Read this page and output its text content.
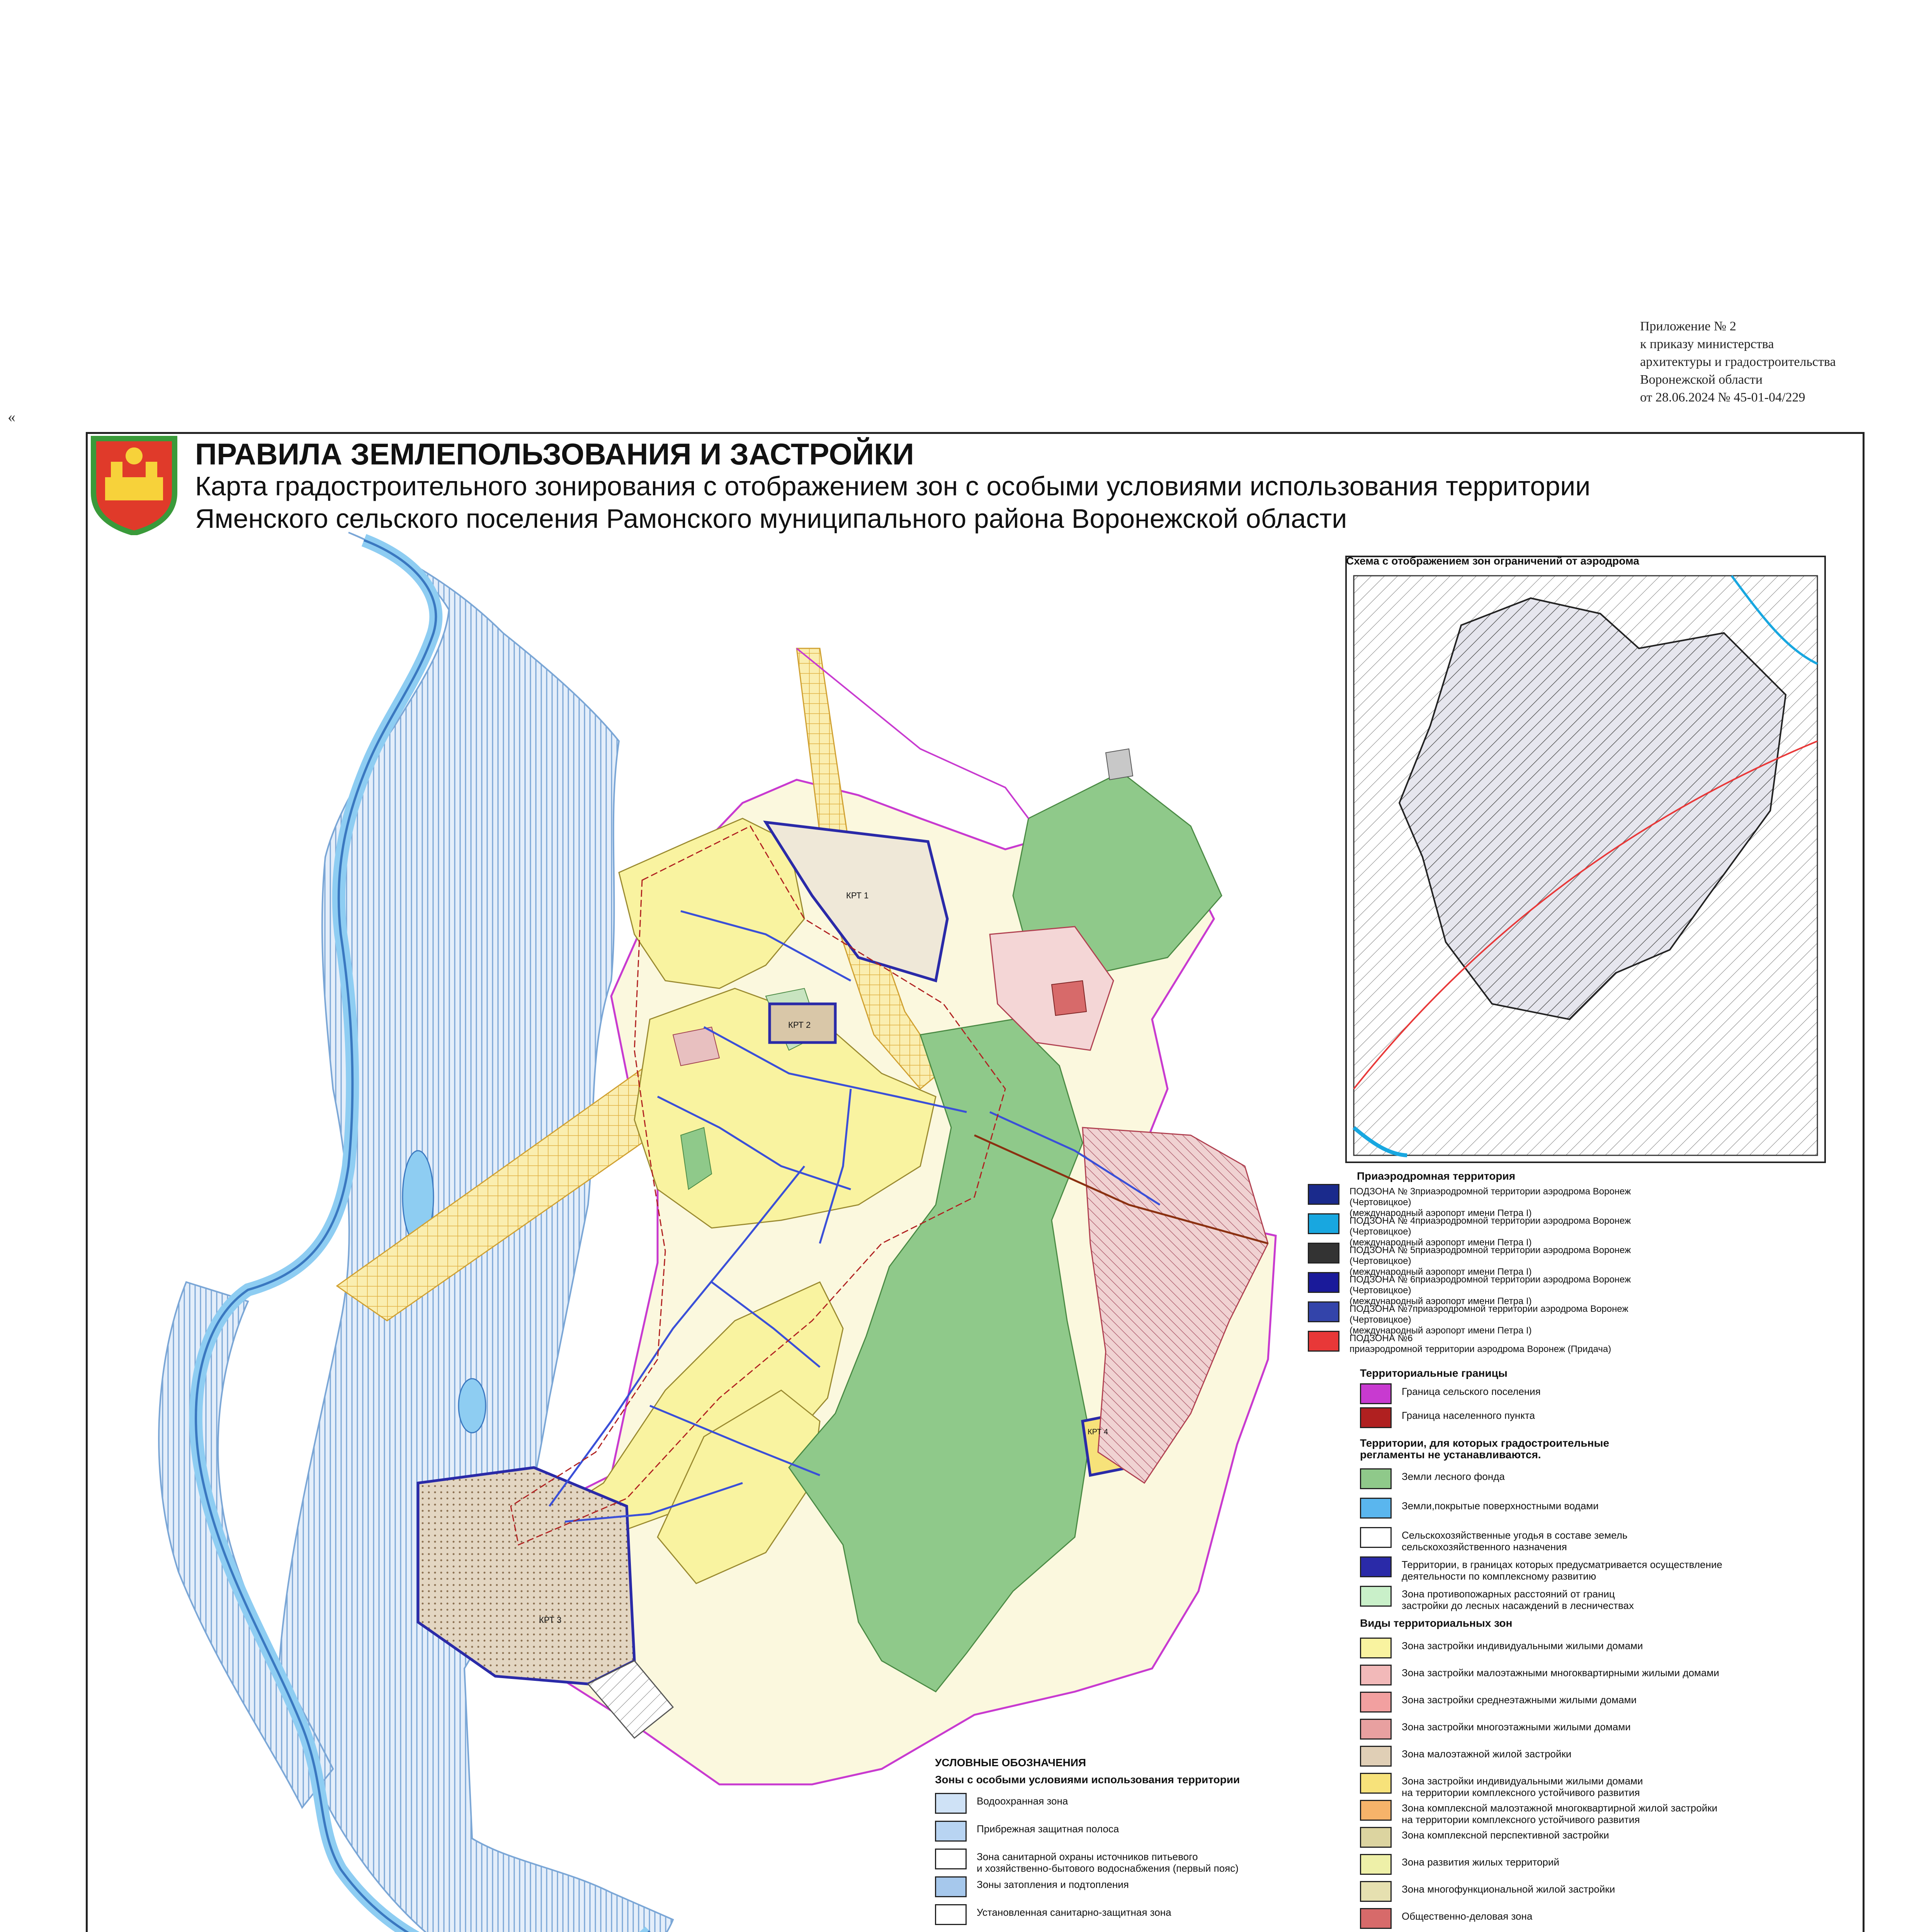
Приложение № 2
к приказу министерства
архитектуры и градостроительства
Воронежской области
от 28.06.2024 № 45-01-04/229
«
ПРАВИЛА ЗЕМЛЕПОЛЬЗОВАНИЯ И ЗАСТРОЙКИ
Карта градостроительного зонирования с отображением зон с особыми условиями использования территории
Яменского сельского поселения Рамонского муниципального района Воронежской области
КРТ 1
КРТ 2
КРТ 3
КРТ 4
Схема с отображением зон ограничений от аэродрома
Приаэродромная территория
ПОДЗОНА № 3приаэродромной территории аэродрома Воронеж (Чертовицкое)
(международный аэропорт имени Петра I)
ПОДЗОНА № 4приаэродромной территории аэродрома Воронеж (Чертовицкое)
(международный аэропорт имени Петра I)
ПОДЗОНА № 5приаэродромной территории аэродрома Воронеж (Чертовицкое)
(международный аэропорт имени Петра I)
ПОДЗОНА № 6приаэродромной территории аэродрома Воронеж (Чертовицкое)
(международный аэропорт имени Петра I)
ПОДЗОНА №7приаэродромной территории аэродрома Воронеж (Чертовицкое)
(международный аэропорт имени Петра I)
ПОДЗОНА №6
приаэродромной территории аэродрома Воронеж (Придача)
Территориальные границы
Граница сельского поселения
Граница населенного пункта
Территории, для которых градостроительные
регламенты не устанавливаются.
Земли лесного фонда
Земли,покрытые поверхностными водами
Сельскохозяйственные угодья в составе земель
сельскохозяйственного назначения
Территории, в границах которых предусматривается осуществление
деятельности по комплексному развитию
Зона противопожарных расстояний от границ
застройки до лесных насаждений в лесничествах
Виды территориальных зон
Зона застройки индивидуальными жилыми домами
Зона застройки малоэтажными многоквартирными жилыми домами
Зона застройки среднеэтажными жилыми домами
Зона застройки многоэтажными жилыми домами
Зона малоэтажной жилой застройки
Зона застройки индивидуальными жилыми домами
на территории комплексного устойчивого развития
Зона комплексной малоэтажной многоквартирной жилой застройки
на территории комплексного устойчивого развития
Зона комплексной перспективной застройки
Зона развития жилых территорий
Зона многофункциональной жилой застройки
Общественно-деловая зона
УСЛОВНЫЕ ОБОЗНАЧЕНИЯ
Зоны с особыми условиями использования территории
Водоохранная зона
Прибрежная защитная полоса
Зона санитарной охраны источников питьевого
и хозяйственно-бытового водоснабжения (первый пояс)
Зоны затопления и подтопления
Установленная санитарно-защитная зона
